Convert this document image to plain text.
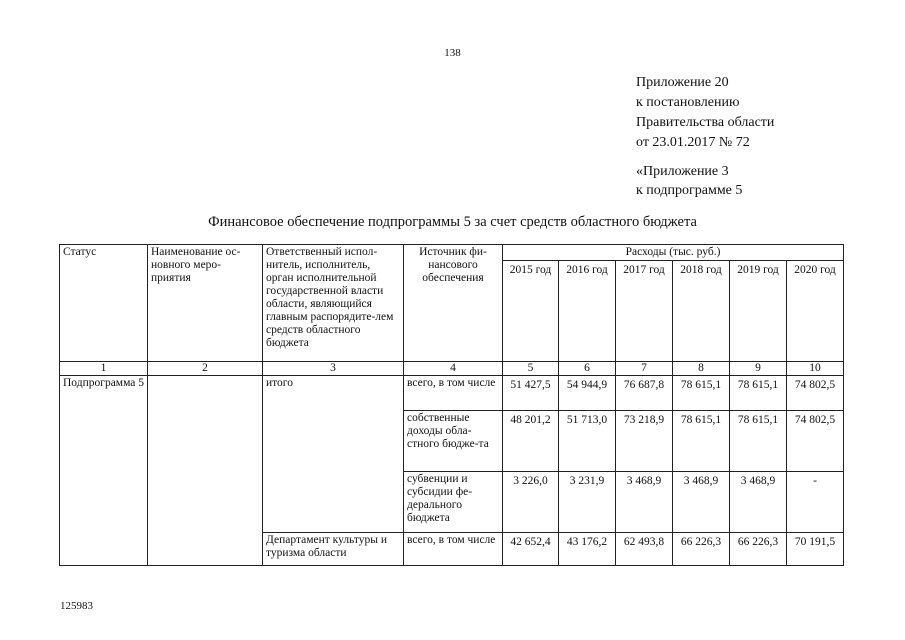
138
Приложение 20
к постановлению
Правительства области
от 23.01.2017 № 72
«Приложение 3
к подпрограмме 5
Финансовое обеспечение подпрограммы 5 за счет средств областного бюджета
Статус	Наименование ос-новного меро-приятия	Ответственный испол-нитель, исполнитель, орган исполнительной государственной власти области, являющийся главным распорядите-лем средств областного бюджета	Источник фи-нансового обеспечения	Расходы (тыс. руб.)					
				2015 год	2016 год	2017 год	2018 год	2019 год	2020 год
1	2	3	4	5	6	7	8	9	10
Подпрограмма 5		итого	всего, в том числе	51 427,5	54 944,9	76 687,8	78 615,1	78 615,1	74 802,5
			собственные доходы обла-стного бюдже-та	48 201,2	51 713,0	73 218,9	78 615,1	78 615,1	74 802,5
			субвенции и субсидии фе-дерального бюджета	3 226,0	3 231,9	3 468,9	3 468,9	3 468,9	-
		Департамент культуры и туризма области	всего, в том числе	42 652,4	43 176,2	62 493,8	66 226,3	66 226,3	70 191,5
125983
